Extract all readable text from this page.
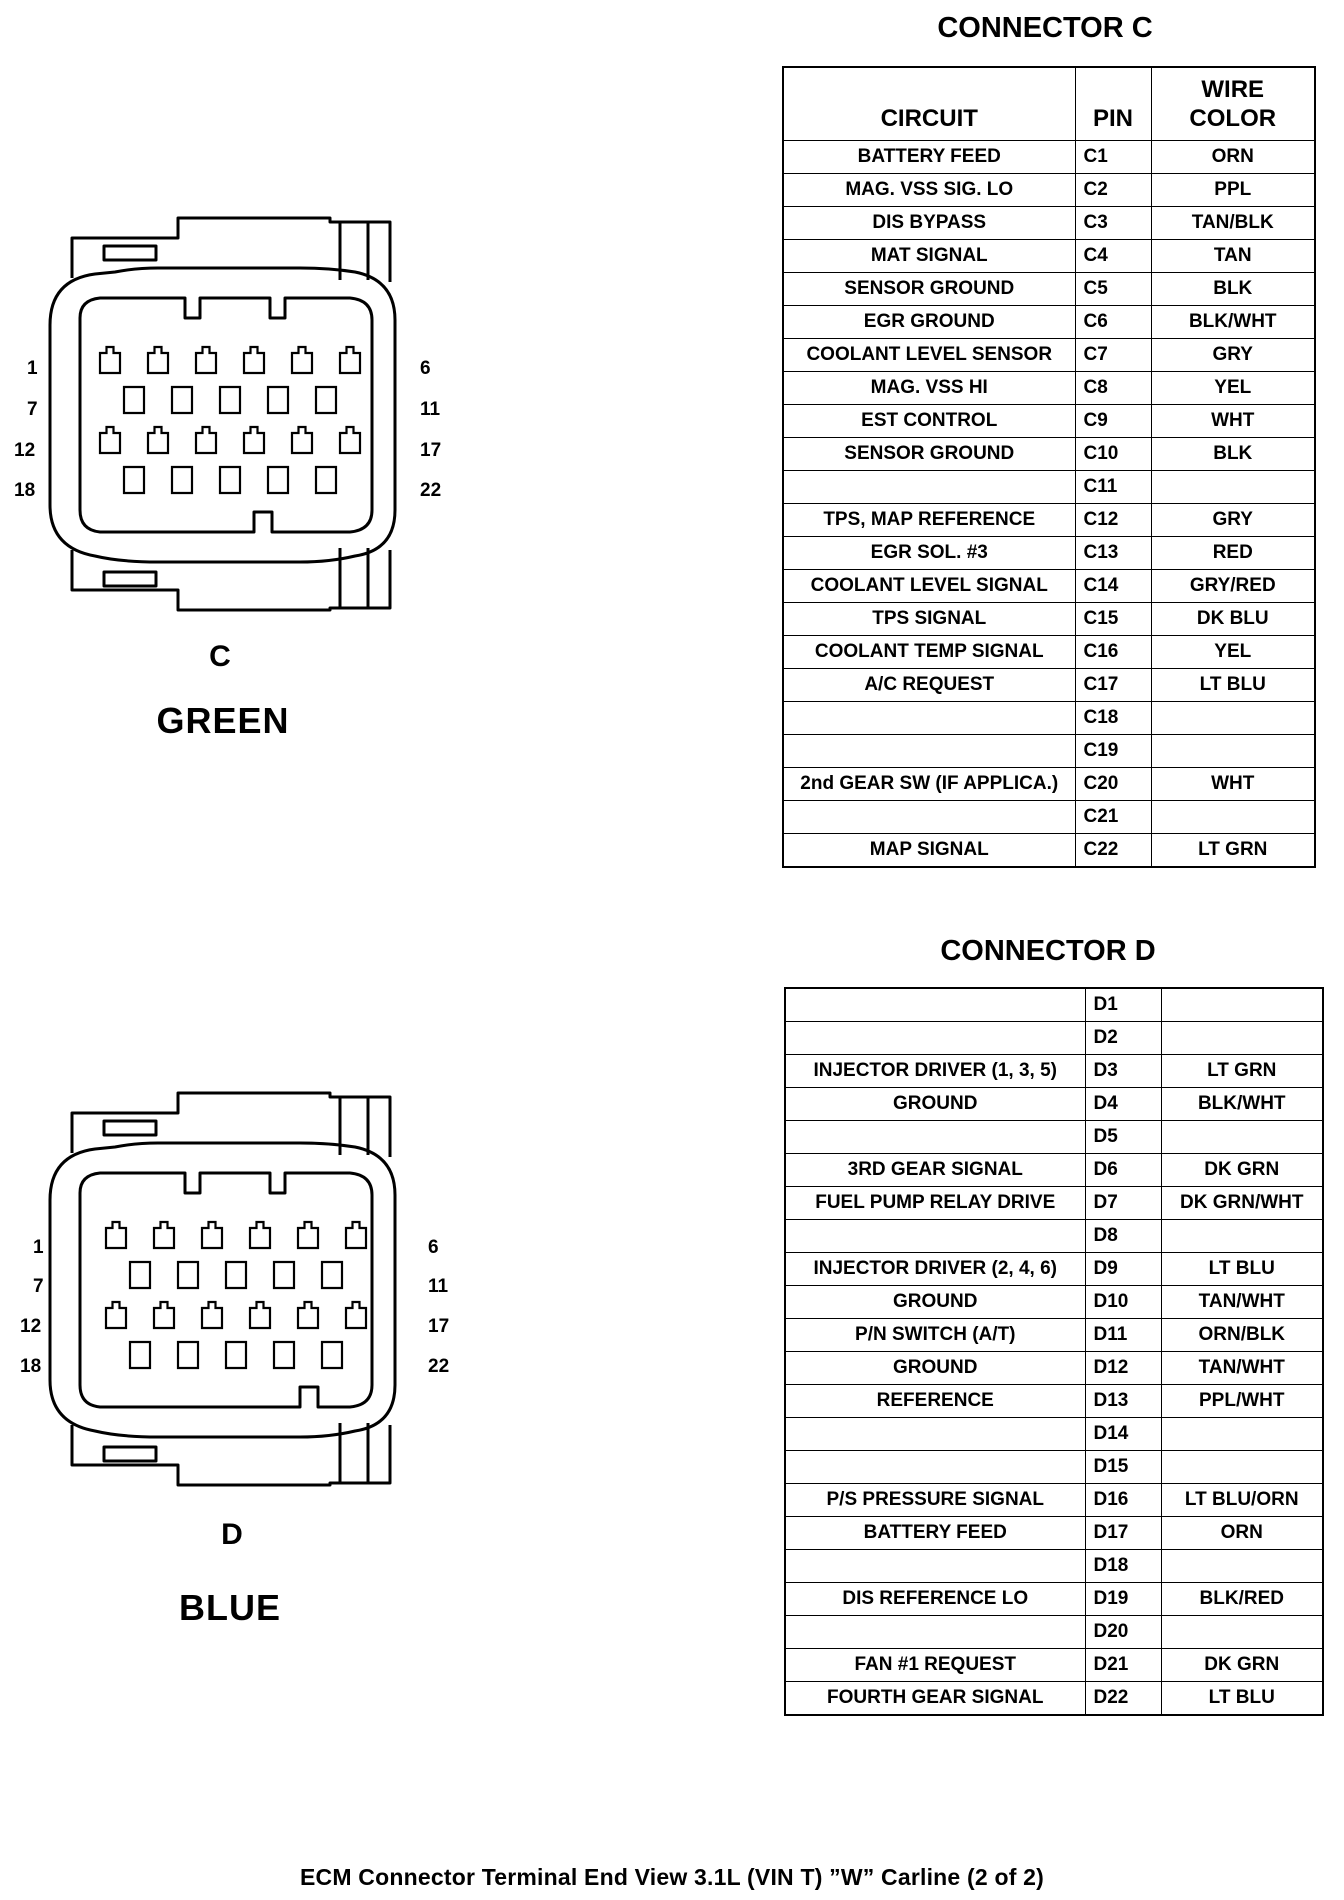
1	6
7	11
12	17
18	22
C
GREEN
1	6
7	11
12	17
18	22
D
BLUE
CONNECTOR C
CIRCUIT	PIN	WIRE COLOR
BATTERY FEED	C1	ORN
MAG. VSS SIG. LO	C2	PPL
DIS BYPASS	C3	TAN/BLK
MAT SIGNAL	C4	TAN
SENSOR GROUND	C5	BLK
EGR GROUND	C6	BLK/WHT
COOLANT LEVEL SENSOR	C7	GRY
MAG. VSS HI	C8	YEL
EST CONTROL	C9	WHT
SENSOR GROUND	C10	BLK
	C11	
TPS, MAP REFERENCE	C12	GRY
EGR SOL. #3	C13	RED
COOLANT LEVEL SIGNAL	C14	GRY/RED
TPS SIGNAL	C15	DK BLU
COOLANT TEMP SIGNAL	C16	YEL
A/C REQUEST	C17	LT BLU
	C18	
	C19	
2nd GEAR SW (IF APPLICA.)	C20	WHT
	C21	
MAP SIGNAL	C22	LT GRN
CONNECTOR D
	D1	
	D2	
INJECTOR DRIVER (1, 3, 5)	D3	LT GRN
GROUND	D4	BLK/WHT
	D5	
3RD GEAR SIGNAL	D6	DK GRN
FUEL PUMP RELAY DRIVE	D7	DK GRN/WHT
	D8	
INJECTOR DRIVER (2, 4, 6)	D9	LT BLU
GROUND	D10	TAN/WHT
P/N SWITCH (A/T)	D11	ORN/BLK
GROUND	D12	TAN/WHT
REFERENCE	D13	PPL/WHT
	D14	
	D15	
P/S PRESSURE SIGNAL	D16	LT BLU/ORN
BATTERY FEED	D17	ORN
	D18	
DIS REFERENCE LO	D19	BLK/RED
	D20	
FAN #1 REQUEST	D21	DK GRN
FOURTH GEAR SIGNAL	D22	LT BLU
ECM Connector Terminal End View 3.1L (VIN T) ”W” Carline (2 of 2)
